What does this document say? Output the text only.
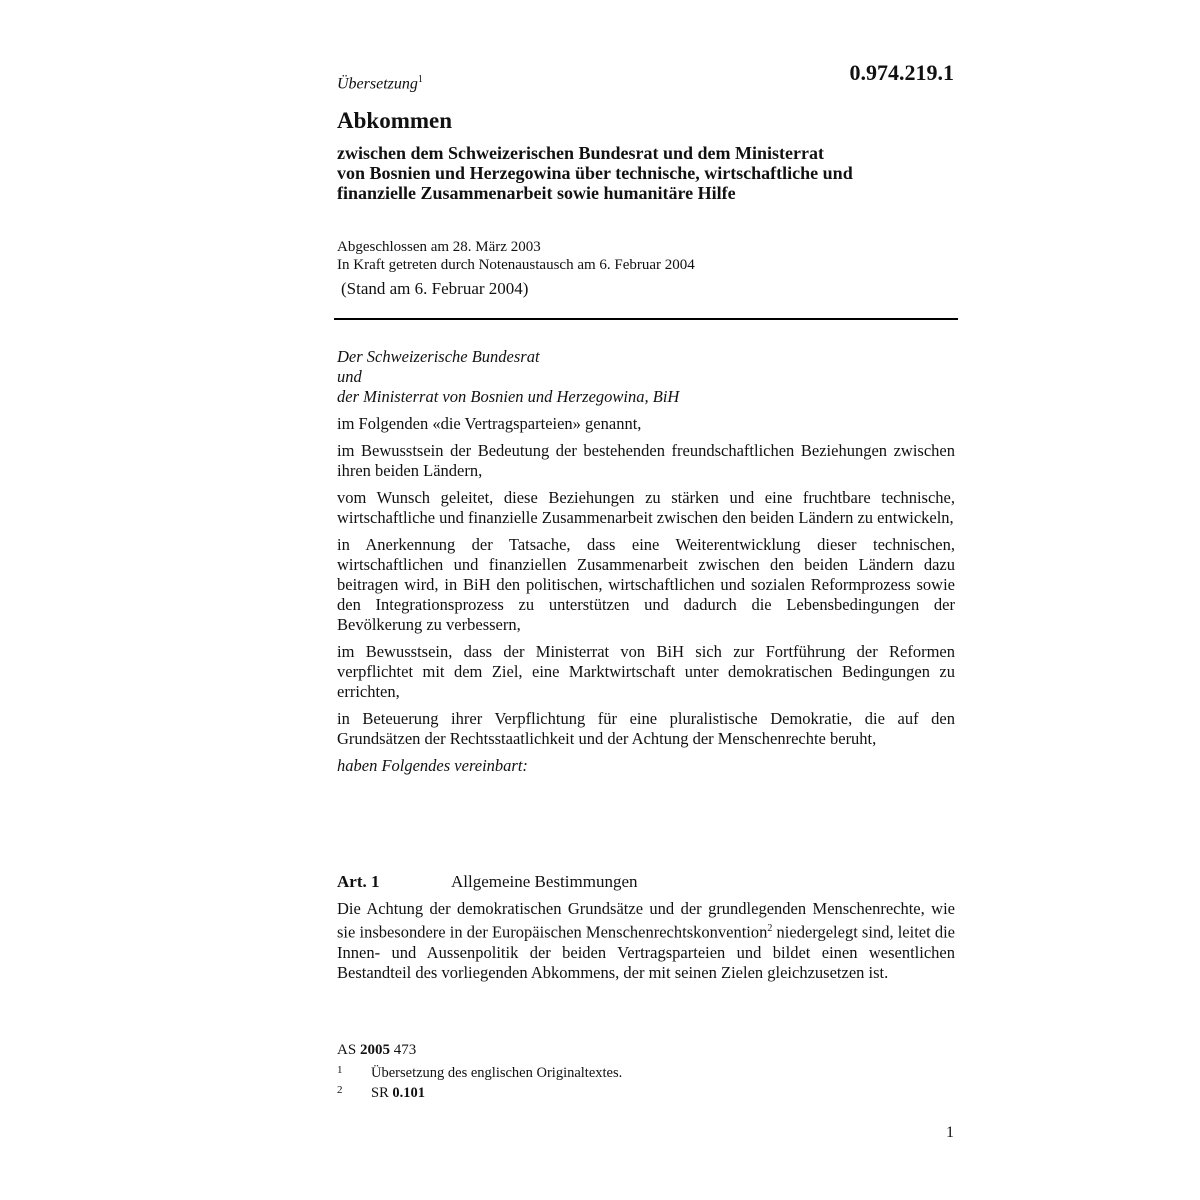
Übersetzung$^1$	0.974.219.1
Abkommen
zwischen dem Schweizerischen Bundesrat und dem Ministerrat
von Bosnien und Herzegowina über technische, wirtschaftliche und
finanzielle Zusammenarbeit sowie humanitäre Hilfe
Abgeschlossen am 28. März 2003
In Kraft getreten durch Notenaustausch am 6. Februar 2004
(Stand am 6. Februar 2004)
Der Schweizerische Bundesrat
und
der Ministerrat von Bosnien und Herzegowina, BiH
im Folgenden «die Vertragsparteien» genannt,
im Bewusstsein der Bedeutung der bestehenden freundschaftlichen Beziehungen zwischen ihren beiden Ländern,
vom Wunsch geleitet, diese Beziehungen zu stärken und eine fruchtbare technische, wirtschaftliche und finanzielle Zusammenarbeit zwischen den beiden Ländern zu entwickeln,
in Anerkennung der Tatsache, dass eine Weiterentwicklung dieser technischen, wirtschaftlichen und finanziellen Zusammenarbeit zwischen den beiden Ländern dazu beitragen wird, in BiH den politischen, wirtschaftlichen und sozialen Reformprozess sowie den Integrationsprozess zu unterstützen und dadurch die Lebensbedingungen der Bevölkerung zu verbessern,
im Bewusstsein, dass der Ministerrat von BiH sich zur Fortführung der Reformen verpflichtet mit dem Ziel, eine Marktwirtschaft unter demokratischen Bedingungen zu errichten,
in Beteuerung ihrer Verpflichtung für eine pluralistische Demokratie, die auf den Grundsätzen der Rechtsstaatlichkeit und der Achtung der Menschenrechte beruht,
haben Folgendes vereinbart:
Art. 1	Allgemeine Bestimmungen
Die Achtung der demokratischen Grundsätze und der grundlegenden Menschenrechte, wie sie insbesondere in der Europäischen Menschenrechtskonvention$^2$ niedergelegt sind, leitet die Innen- und Aussenpolitik der beiden Vertragsparteien und bildet einen wesentlichen Bestandteil des vorliegenden Abkommens, der mit seinen Zielen gleichzusetzen ist.
AS 2005 473
1 Übersetzung des englischen Originaltextes.
2 SR 0.101
1
